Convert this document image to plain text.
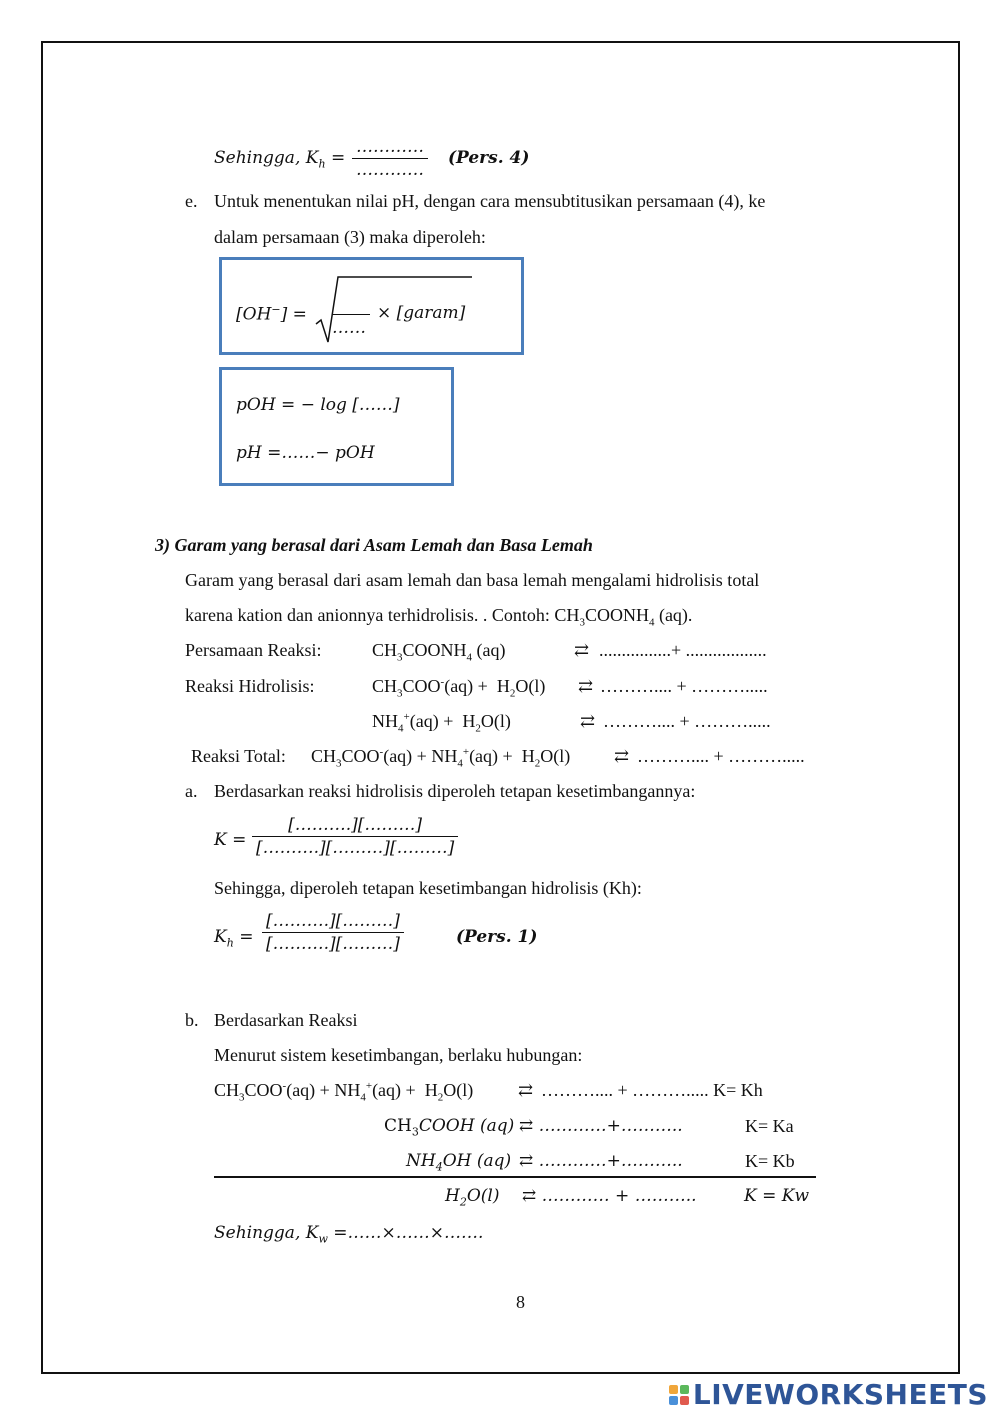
Sehingga, $K_h$ =
…………
…………
(Pers. 4)
e. Untuk menentukan nilai pH, dengan cara mensubtitusikan persamaan (4), ke
dalam persamaan (3) maka diperoleh:
[OH−] =
……
× [garam]
pOH = − log [……]
pH =……− pOH
3) Garam yang berasal dari Asam Lemah dan Basa Lemah
Garam yang berasal dari asam lemah dan basa lemah mengalami hidrolisis total
karena kation dan anionnya terhidrolisis. . Contoh: $CH_3COONH_4$ (aq).
Persamaan Reaksi:	$CH_3COONH_4$ (aq)	⇄ ................+ ..................
Reaksi Hidrolisis:	$CH_3COO^-(aq) + H_2O(l)$ ⇄ ……….... + ……….....
$NH_4^+(aq) + H_2O(l)$	⇄ ……….... + ……….....
Reaksi Total: $CH_3COO^-(aq) + NH_4^+(aq) + H_2O(l)$ ⇄ ……….... + ……….....
a. Berdasarkan reaksi hidrolisis diperoleh tetapan kesetimbangannya:
K =
[……….][………]
[……….][………][………]
Sehingga, diperoleh tetapan kesetimbangan hidrolisis (Kh):
$K_h$ =
[……….][………]
[……….][………]	(Pers. 1)
b. Berdasarkan Reaksi
Menurut sistem kesetimbangan, berlaku hubungan:
$CH_3COO^-(aq) + NH_4^+(aq) + H_2O(l)$ ⇄ ……….... + ………..... K= Kh
$CH_3COOH$ (aq) ⇄ …………+………..	K= Ka
$NH_4OH$ (aq) ⇄ …………+………..	K= Kb
$H_2O(l)$ ⇄ ………… + ………..	K = Kw
Sehingga, $K_w$ =……×……×…….
8
LIVEWORKSHEETS
